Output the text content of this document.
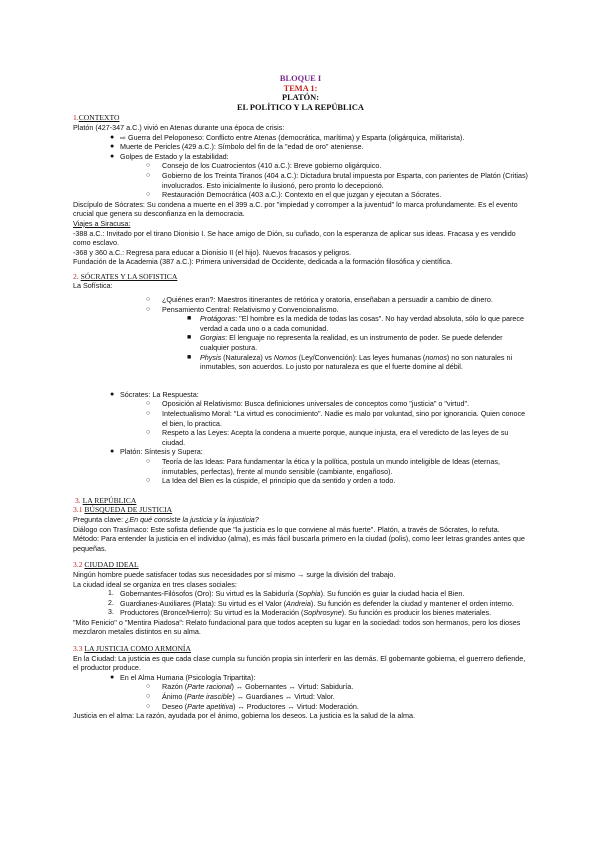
BLOQUE I

TEMA 1:

PLATÓN:

EL POLÍTICO Y LA REPÚBLICA

1.CONTEXTO

Platón (427-347 a.C.) vivió en Atenas durante una época de crisis:

● ⇨ Guerra del Peloponeso: Conflicto entre Atenas (democrática, marítima) y Esparta (oligárquica, militarista).
● Muerte de Pericles (429 a.C.): Símbolo del fin de la "edad de oro" ateniense.
● Golpes de Estado y la estabilidad:
○ Consejo de los Cuatrocientos (410 a.C.): Breve gobierno oligárquico.
○ Gobierno de los Treinta Tiranos (404 a.C.): Dictadura brutal impuesta por Esparta, con parientes de Platón (Critias) involucrados. Esto inicialmente lo ilusionó, pero pronto lo decepcionó.
○ Restauración Democrática (403 a.C.): Contexto en el que juzgan y ejecutan a Sócrates.

Discípulo de Sócrates: Su condena a muerte en el 399 a.C. por "impiedad y corromper a la juventud" lo marca profundamente. Es el evento crucial que genera su desconfianza en la democracia.

Viajes a Siracusa:

-388 a.C.: Invitado por el tirano Dionisio I. Se hace amigo de Dión, su cuñado, con la esperanza de aplicar sus ideas. Fracasa y es vendido como esclavo.

-368 y 360 a.C.: Regresa para educar a Dionisio II (el hijo). Nuevos fracasos y peligros.

Fundación de la Academia (387 a.C.): Primera universidad de Occidente, dedicada a la formación filosófica y científica.

2. SÓCRATES Y LA SOFISTICA

La Sofística:

○ ¿Quiénes eran?: Maestros itinerantes de retórica y oratoria, enseñaban a persuadir a cambio de dinero.
○ Pensamiento Central: Relativismo y Convencionalismo.
■ Protágoras: "El hombre es la medida de todas las cosas". No hay verdad absoluta, sólo lo que parece verdad a cada uno o a cada comunidad.
■ Gorgias: El lenguaje no representa la realidad, es un instrumento de poder. Se puede defender cualquier postura.
■ Physis (Naturaleza) vs Nomos (Ley/Convención): Las leyes humanas (nomos) no son naturales ni inmutables, son acuerdos. Lo justo por naturaleza es que el fuerte domine al débil.
● Sócrates: La Respuesta:
○ Oposición al Relativismo: Busca definiciones universales de conceptos como "justicia" o "virtud".
○ Intelectualismo Moral: "La virtud es conocimiento". Nadie es malo por voluntad, sino por ignorancia. Quien conoce el bien, lo practica.
○ Respeto a las Leyes: Acepta la condena a muerte porque, aunque injusta, era el veredicto de las leyes de su ciudad.
● Platón: Síntesis y Supera:
○ Teoría de las Ideas: Para fundamentar la ética y la política, postula un mundo inteligible de Ideas (eternas, inmutables, perfectas), frente al mundo sensible (cambiante, engañoso).
○ La Idea del Bien es la cúspide, el principio que da sentido y orden a todo.

3. LA REPÚBLICA

3.1 BÚSQUEDA DE JUSTICIA

Pregunta clave: ¿En qué consiste la justicia y la injusticia?

Diálogo con Trasímaco: Este sofista defiende que "la justicia es lo que conviene al más fuerte". Platón, a través de Sócrates, lo refuta.

Método: Para entender la justicia en el individuo (alma), es más fácil buscarla primero en la ciudad (polis), como leer letras grandes antes que pequeñas.

3.2 CIUDAD IDEAL

Ningún hombre puede satisfacer todas sus necesidades por sí mismo → surge la división del trabajo.

La ciudad ideal se organiza en tres clases sociales:

1. Gobernantes-Filósofos (Oro): Su virtud es la Sabiduría (Sophia). Su función es guiar la ciudad hacia el Bien.
2. Guardianes-Auxiliares (Plata): Su virtud es el Valor (Andreia). Su función es defender la ciudad y mantener el orden interno.
3. Productores (Bronce/Hierro): Su virtud es la Moderación (Sophrosyne). Su función es producir los bienes materiales.

"Mito Fenicio" o "Mentira Piadosa": Relato fundacional para que todos acepten su lugar en la sociedad: todos son hermanos, pero los dioses mezclaron metales distintos en su alma.

3.3 LA JUSTICIA COMO ARMONÍA

En la Ciudad: La justicia es que cada clase cumpla su función propia sin interferir en las demás. El gobernante gobierna, el guerrero defiende, el productor produce.

● En el Alma Humana (Psicología Tripartita):
○ Razón (Parte racional) ↔ Gobernantes ↔ Virtud: Sabiduría.
○ Ánimo (Parte irascible) ↔ Guardianes ↔ Virtud: Valor.
○ Deseo (Parte apetitiva) ↔ Productores ↔ Virtud: Moderación.

Justicia en el alma: La razón, ayudada por el ánimo, gobierna los deseos. La justicia es la salud de la alma.
